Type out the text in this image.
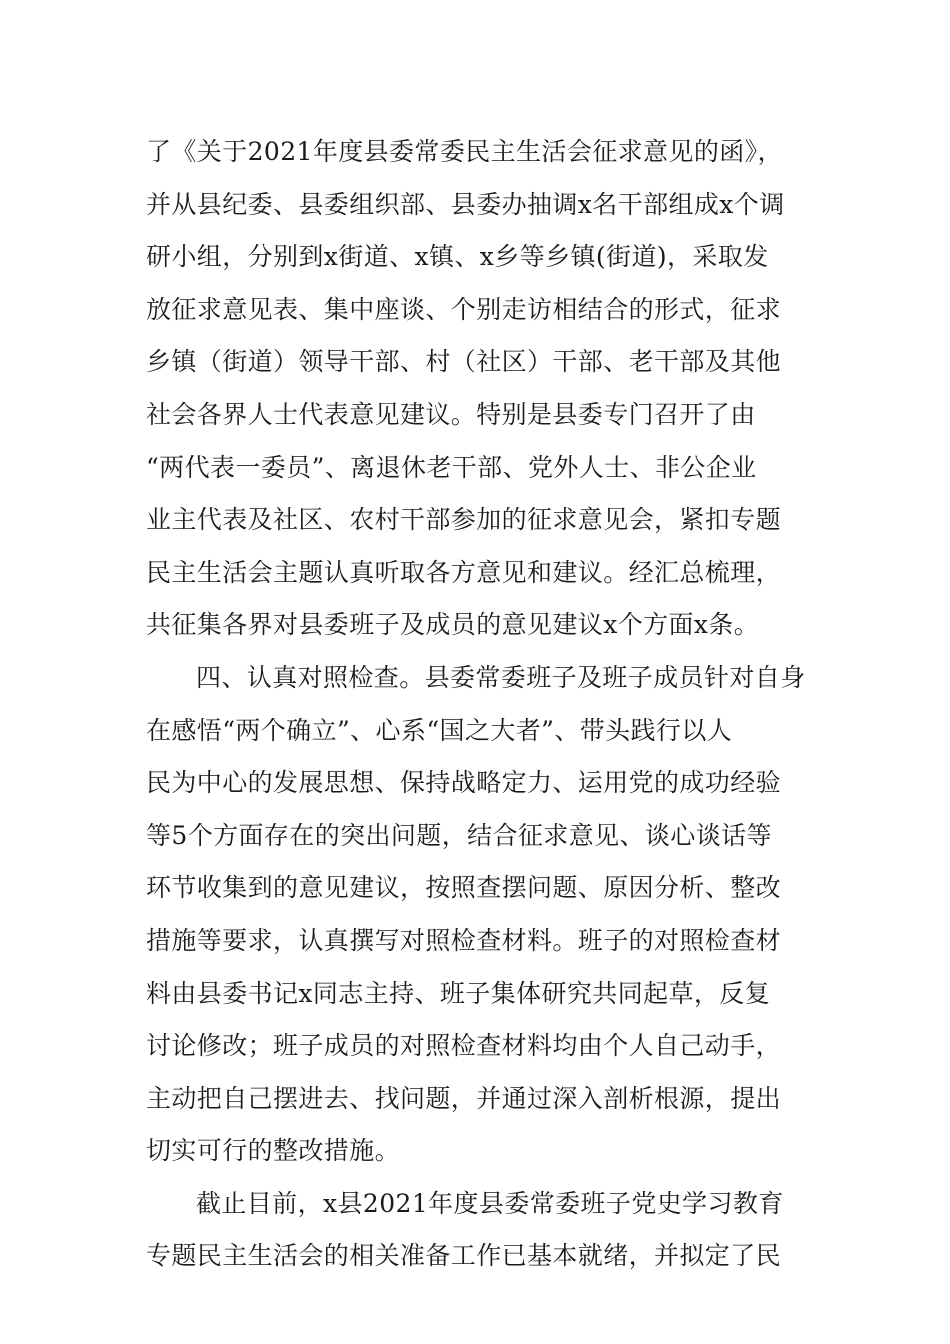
了《关于2021年度县委常委民主生活会征求意见的函》，
并从县纪委、县委组织部、县委办抽调x名干部组成x个调
研小组，分别到x街道、x镇、x乡等乡镇(街道)，采取发
放征求意见表、集中座谈、个别走访相结合的形式，征求
乡镇（街道）领导干部、村（社区）干部、老干部及其他
社会各界人士代表意见建议。特别是县委专门召开了由
“两代表一委员”、离退休老干部、党外人士、非公企业
业主代表及社区、农村干部参加的征求意见会，紧扣专题
民主生活会主题认真听取各方意见和建议。经汇总梳理，
共征集各界对县委班子及成员的意见建议x个方面x条。
四、认真对照检查。县委常委班子及班子成员针对自身
在感悟“两个确立”、心系“国之大者”、带头践行以人
民为中心的发展思想、保持战略定力、运用党的成功经验
等5个方面存在的突出问题，结合征求意见、谈心谈话等
环节收集到的意见建议，按照查摆问题、原因分析、整改
措施等要求，认真撰写对照检查材料。班子的对照检查材
料由县委书记x同志主持、班子集体研究共同起草，反复
讨论修改；班子成员的对照检查材料均由个人自己动手，
主动把自己摆进去、找问题，并通过深入剖析根源，提出
切实可行的整改措施。
截止目前，x县2021年度县委常委班子党史学习教育
专题民主生活会的相关准备工作已基本就绪，并拟定了民
